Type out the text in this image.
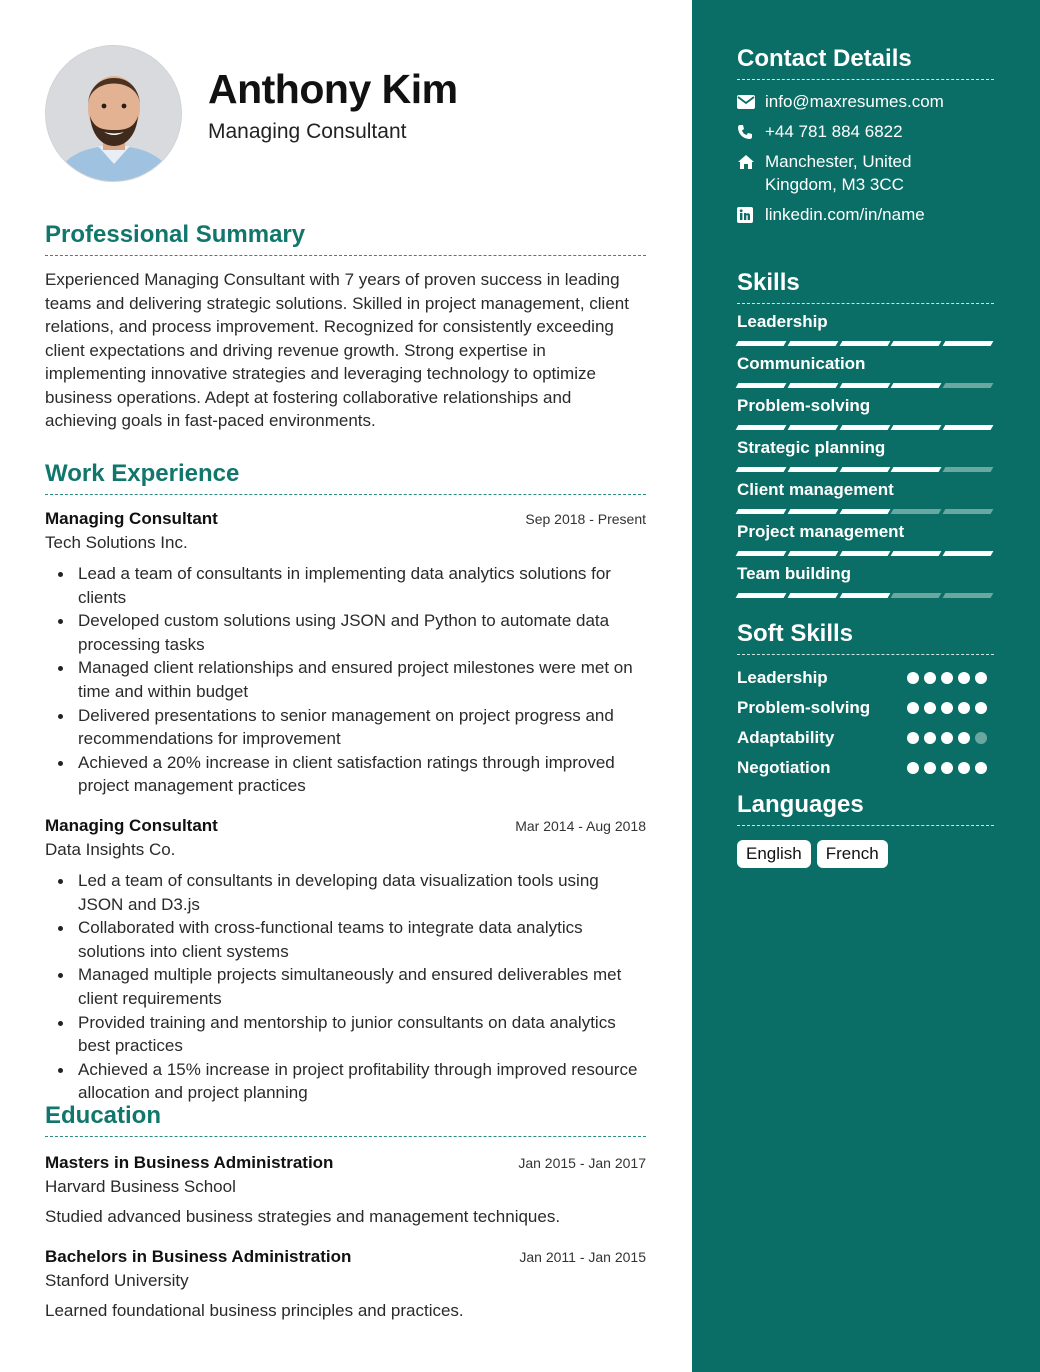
Anthony Kim
Managing Consultant
Professional Summary
Experienced Managing Consultant with 7 years of proven success in leading teams and delivering strategic solutions. Skilled in project management, client relations, and process improvement. Recognized for consistently exceeding client expectations and driving revenue growth. Strong expertise in implementing innovative strategies and leveraging technology to optimize business operations. Adept at fostering collaborative relationships and achieving goals in fast-paced environments.
Work Experience
Managing Consultant	Sep 2018 - Present
Tech Solutions Inc.
Lead a team of consultants in implementing data analytics solutions for clients
Developed custom solutions using JSON and Python to automate data processing tasks
Managed client relationships and ensured project milestones were met on time and within budget
Delivered presentations to senior management on project progress and recommendations for improvement
Achieved a 20% increase in client satisfaction ratings through improved project management practices
Managing Consultant	Mar 2014 - Aug 2018
Data Insights Co.
Led a team of consultants in developing data visualization tools using JSON and D3.js
Collaborated with cross-functional teams to integrate data analytics solutions into client systems
Managed multiple projects simultaneously and ensured deliverables met client requirements
Provided training and mentorship to junior consultants on data analytics best practices
Achieved a 15% increase in project profitability through improved resource allocation and project planning
Education
Masters in Business Administration	Jan 2015 - Jan 2017
Harvard Business School
Studied advanced business strategies and management techniques.
Bachelors in Business Administration	Jan 2011 - Jan 2015
Stanford University
Learned foundational business principles and practices.
Contact Details
info@maxresumes.com
+44 781 884 6822
Manchester, United
Kingdom, M3 3CC
linkedin.com/in/name
Skills
Leadership
Communication
Problem-solving
Strategic planning
Client management
Project management
Team building
Soft Skills
Leadership
Problem-solving
Adaptability
Negotiation
Languages
English	French
